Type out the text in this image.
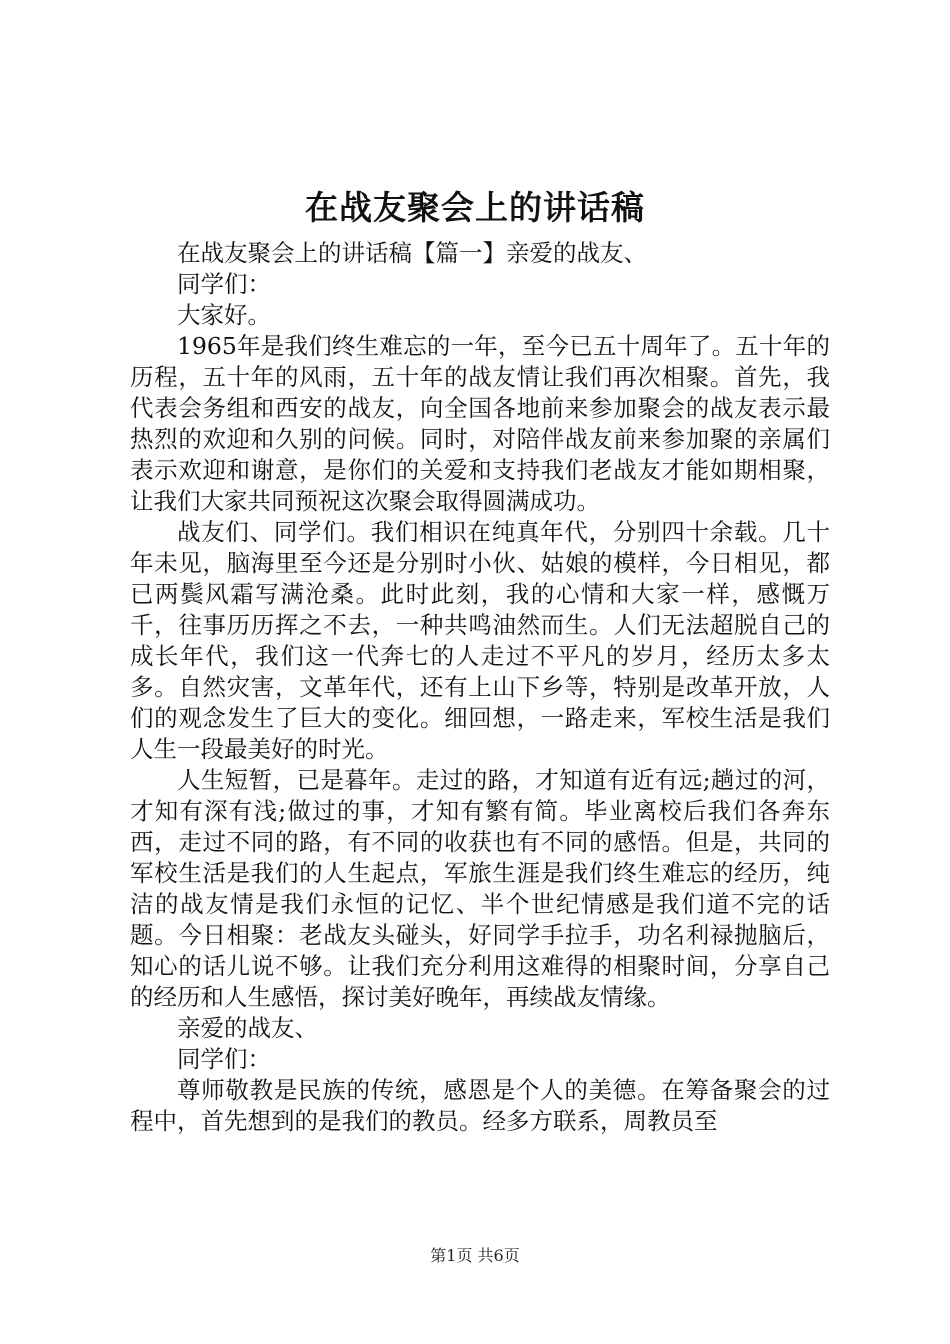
在战友聚会上的讲话稿

在战友聚会上的讲话稿【篇一】亲爱的战友、

同学们：

大家好。

1965年是我们终生难忘的一年，至今已五十周年了。五十年的历程，五十年的风雨，五十年的战友情让我们再次相聚。首先，我代表会务组和西安的战友，向全国各地前来参加聚会的战友表示最热烈的欢迎和久别的问候。同时，对陪伴战友前来参加聚的亲属们表示欢迎和谢意，是你们的关爱和支持我们老战友才能如期相聚，让我们大家共同预祝这次聚会取得圆满成功。

战友们、同学们。我们相识在纯真年代，分别四十余载。几十年未见，脑海里至今还是分别时小伙、姑娘的模样，今日相见，都已两鬓风霜写满沧桑。此时此刻，我的心情和大家一样，感慨万千，往事历历挥之不去，一种共鸣油然而生。人们无法超脱自己的成长年代，我们这一代奔七的人走过不平凡的岁月，经历太多太多。自然灾害，文革年代，还有上山下乡等，特别是改革开放，人们的观念发生了巨大的变化。细回想，一路走来，军校生活是我们人生一段最美好的时光。

人生短暂，已是暮年。走过的路，才知道有近有远;趟过的河，才知有深有浅;做过的事，才知有繁有简。毕业离校后我们各奔东西，走过不同的路，有不同的收获也有不同的感悟。但是，共同的军校生活是我们的人生起点，军旅生涯是我们终生难忘的经历，纯洁的战友情是我们永恒的记忆、半个世纪情感是我们道不完的话题。今日相聚：老战友头碰头，好同学手拉手，功名利禄抛脑后，知心的话儿说不够。让我们充分利用这难得的相聚时间，分享自己的经历和人生感悟，探讨美好晚年，再续战友情缘。

亲爱的战友、

同学们：

尊师敬教是民族的传统，感恩是个人的美德。在筹备聚会的过程中，首先想到的是我们的教员。经多方联系，周教员至

第1页 共6页
